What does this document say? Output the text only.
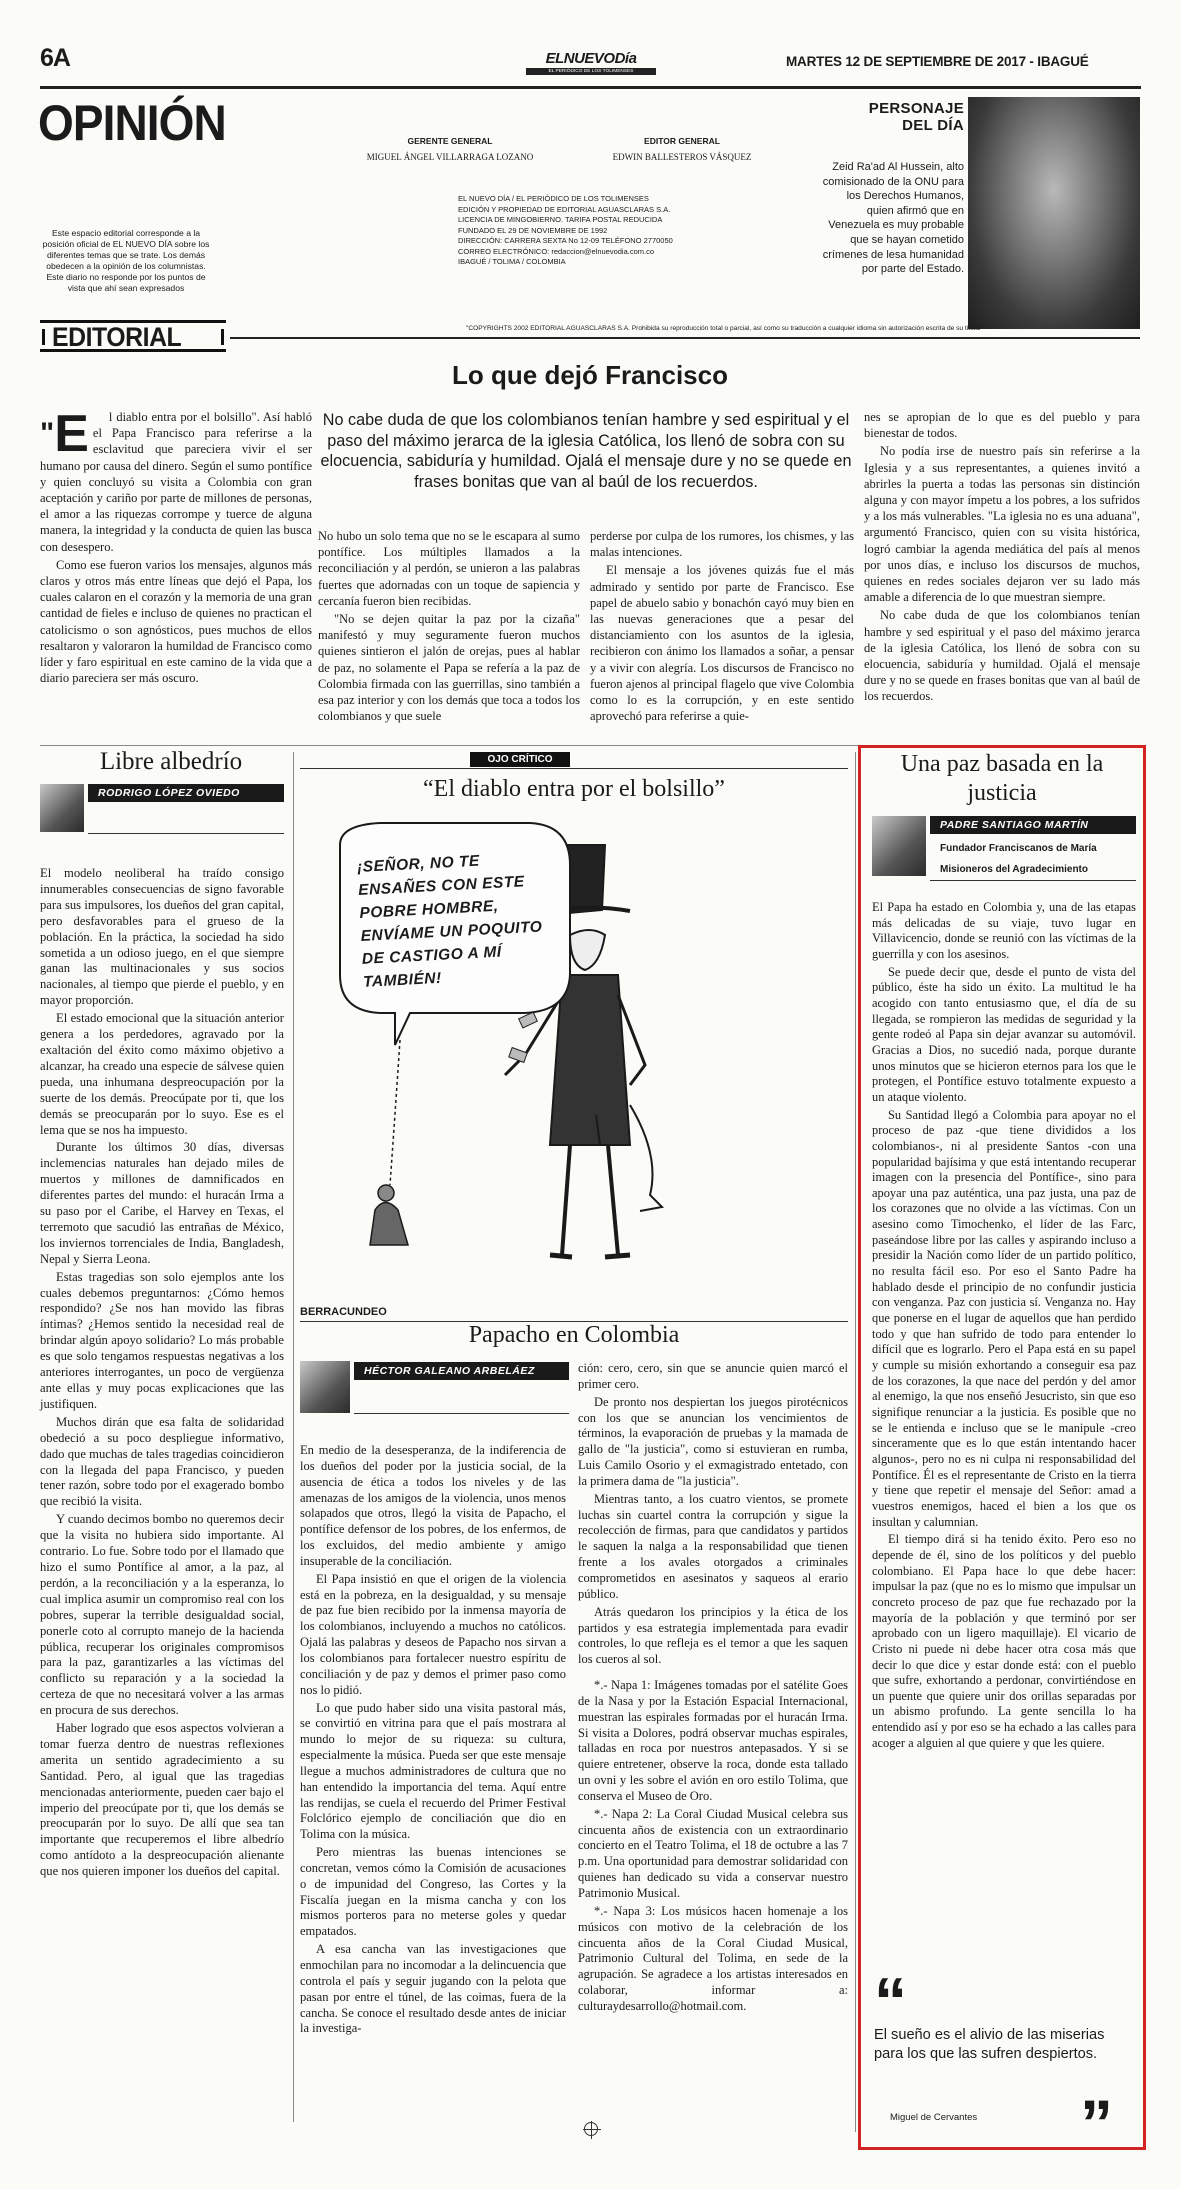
6A	ELNUEVODía
EL PERIÓDICO DE LOS TOLIMENSES
MARTES 12 DE SEPTIEMBRE DE 2017 - IBAGUÉ
OPINIÓN
Este espacio editorial corresponde a la posición oficial de EL NUEVO DÍA sobre los diferentes temas que se trate. Los demás obedecen a la opinión de los columnistas. Este diario no responde por los puntos de vista que ahí sean expresados
GERENTE GENERAL
MIGUEL ÁNGEL VILLARRAGA LOZANO
EDITOR GENERAL
EDWIN BALLESTEROS VÁSQUEZ
EL NUEVO DÍA / EL PERIÓDICO DE LOS TOLIMENSES
EDICIÓN Y PROPIEDAD DE EDITORIAL AGUASCLARAS S.A.
LICENCIA DE MINGOBIERNO. TARIFA POSTAL REDUCIDA
FUNDADO EL 29 DE NOVIEMBRE DE 1992
DIRECCIÓN: CARRERA SEXTA No 12-09 TELÉFONO 2770050
CORREO ELECTRÓNICO: redaccion@elnuevodia.com.co
IBAGUÉ / TOLIMA / COLOMBIA
PERSONAJE
DEL DÍA
Zeid Ra'ad Al Hussein, alto comisionado de la ONU para los Derechos Humanos, quien afirmó que en Venezuela es muy probable que se hayan cometido crímenes de lesa humanidad por parte del Estado.
"COPYRIGHTS 2002 EDITORIAL AGUASCLARAS S.A. Prohibida su reproducción total o parcial, así como su traducción a cualquier idioma sin autorización escrita de su titular"
EDITORIAL
Lo que dejó Francisco
"E	l diablo entra por el bolsillo". Así habló el Papa Francisco para referirse a la esclavitud que pareciera vivir el ser humano por causa del dinero. Según el sumo pontífice y quien concluyó su visita a Colombia con gran aceptación y cariño por parte de millones de personas, el amor a las riquezas corrompe y tuerce de alguna manera, la integridad y la conducta de quien las busca con desespero.

Como ese fueron varios los mensajes, algunos más claros y otros más entre líneas que dejó el Papa, los cuales calaron en el corazón y la memoria de una gran cantidad de fieles e incluso de quienes no practican el catolicismo o son agnósticos, pues muchos de ellos resaltaron y valoraron la humildad de Francisco como líder y faro espiritual en este camino de la vida que a diario pareciera ser más oscuro.

No cabe duda de que los colombianos tenían hambre y sed espiritual y el paso del máximo jerarca de la iglesia Católica, los llenó de sobra con su elocuencia, sabiduría y humildad. Ojalá el mensaje dure y no se quede en frases bonitas que van al baúl de los recuerdos.

No hubo un solo tema que no se le escapara al sumo pontífice. Los múltiples llamados a la reconciliación y al perdón, se unieron a las palabras fuertes que adornadas con un toque de sapiencia y cercanía fueron bien recibidas.

"No se dejen quitar la paz por la cizaña" manifestó y muy seguramente fueron muchos quienes sintieron el jalón de orejas, pues al hablar de paz, no solamente el Papa se refería a la paz de Colombia firmada con las guerrillas, sino también a esa paz interior y con los demás que toca a todos los colombianos y que suele

perderse por culpa de los rumores, los chismes, y las malas intenciones.

El mensaje a los jóvenes quizás fue el más admirado y sentido por parte de Francisco. Ese papel de abuelo sabio y bonachón cayó muy bien en las nuevas generaciones que a pesar del distanciamiento con los asuntos de la iglesia, recibieron con ánimo los llamados a soñar, a pensar y a vivir con alegría. Los discursos de Francisco no fueron ajenos al principal flagelo que vive Colombia como lo es la corrupción, y en este sentido aprovechó para referirse a quie-

nes se apropian de lo que es del pueblo y para bienestar de todos.

No podía irse de nuestro país sin referirse a la Iglesia y a sus representantes, a quienes invitó a abrirles la puerta a todas las personas sin distinción alguna y con mayor ímpetu a los pobres, a los sufridos y a los más vulnerables. "La iglesia no es una aduana", argumentó Francisco, quien con su visita histórica, logró cambiar la agenda mediática del país al menos por unos días, e incluso los discursos de muchos, quienes en redes sociales dejaron ver su lado más amable a diferencia de lo que muestran siempre.

No cabe duda de que los colombianos tenían hambre y sed espiritual y el paso del máximo jerarca de la iglesia Católica, los llenó de sobra con su elocuencia, sabiduría y humildad. Ojalá el mensaje dure y no se quede en frases bonitas que van al baúl de los recuerdos.

Libre albedrío
RODRIGO LÓPEZ OVIEDO

El modelo neoliberal ha traído consigo innumerables consecuencias de signo favorable para sus impulsores, los dueños del gran capital, pero desfavorables para el grueso de la población. En la práctica, la sociedad ha sido sometida a un odioso juego, en el que siempre ganan las multinacionales y sus socios nacionales, al tiempo que pierde el pueblo, y en mayor proporción.

El estado emocional que la situación anterior genera a los perdedores, agravado por la exaltación del éxito como máximo objetivo a alcanzar, ha creado una especie de sálvese quien pueda, una inhumana despreocupación por la suerte de los demás. Preocúpate por ti, que los demás se preocuparán por lo suyo. Ese es el lema que se nos ha impuesto.

Durante los últimos 30 días, diversas inclemencias naturales han dejado miles de muertos y millones de damnificados en diferentes partes del mundo: el huracán Irma a su paso por el Caribe, el Harvey en Texas, el terremoto que sacudió las entrañas de México, los inviernos torrenciales de India, Bangladesh, Nepal y Sierra Leona.

Estas tragedias son solo ejemplos ante los cuales debemos preguntarnos: ¿Cómo hemos respondido? ¿Se nos han movido las fibras íntimas? ¿Hemos sentido la necesidad real de brindar algún apoyo solidario? Lo más probable es que solo tengamos respuestas negativas a los anteriores interrogantes, un poco de vergüenza ante ellas y muy pocas explicaciones que las justifiquen.

Muchos dirán que esa falta de solidaridad obedeció a su poco despliegue informativo, dado que muchas de tales tragedias coincidieron con la llegada del papa Francisco, y pueden tener razón, sobre todo por el exagerado bombo que recibió la visita.

Y cuando decimos bombo no queremos decir que la visita no hubiera sido importante. Al contrario. Lo fue. Sobre todo por el llamado que hizo el sumo Pontífice al amor, a la paz, al perdón, a la reconciliación y a la esperanza, lo cual implica asumir un compromiso real con los pobres, superar la terrible desigualdad social, ponerle coto al corrupto manejo de la hacienda pública, recuperar los originales compromisos para la paz, garantizarles a las víctimas del conflicto su reparación y a la sociedad la certeza de que no necesitará volver a las armas en procura de sus derechos.

Haber logrado que esos aspectos volvieran a tomar fuerza dentro de nuestras reflexiones amerita un sentido agradecimiento a su Santidad. Pero, al igual que las tragedias mencionadas anteriormente, pueden caer bajo el imperio del preocúpate por ti, que los demás se preocuparán por lo suyo. De allí que sea tan importante que recuperemos el libre albedrío como antídoto a la despreocupación alienante que nos quieren imponer los dueños del capital.

OJO CRÍTICO
“El diablo entra por el bolsillo”
¡SEÑOR, NO TE ENSAÑES CON ESTE POBRE HOMBRE, ENVÍAME UN POQUITO DE CASTIGO A MÍ TAMBIÉN!
BERRACUNDEO
Papacho en Colombia
HÉCTOR GALEANO ARBELÁEZ

En medio de la desesperanza, de la indiferencia de los dueños del poder por la justicia social, de la ausencia de ética a todos los niveles y de las amenazas de los amigos de la violencia, unos menos solapados que otros, llegó la visita de Papacho, el pontífice defensor de los pobres, de los enfermos, de los excluidos, del medio ambiente y amigo insuperable de la conciliación.

El Papa insistió en que el origen de la violencia está en la pobreza, en la desigualdad, y su mensaje de paz fue bien recibido por la inmensa mayoría de los colombianos, incluyendo a muchos no católicos. Ojalá las palabras y deseos de Papacho nos sirvan a los colombianos para fortalecer nuestro espíritu de conciliación y de paz y demos el primer paso como nos lo pidió.

Lo que pudo haber sido una visita pastoral más, se convirtió en vitrina para que el país mostrara al mundo lo mejor de su riqueza: su cultura, especialmente la música. Pueda ser que este mensaje llegue a muchos administradores de cultura que no han entendido la importancia del tema. Aquí entre las rendijas, se cuela el recuerdo del Primer Festival Folclórico ejemplo de conciliación que dio en Tolima con la música.

Pero mientras las buenas intenciones se concretan, vemos cómo la Comisión de acusaciones o de impunidad del Congreso, las Cortes y la Fiscalía juegan en la misma cancha y con los mismos porteros para no meterse goles y quedar empatados.

A esa cancha van las investigaciones que enmochilan para no incomodar a la delincuencia que controla el país y seguir jugando con la pelota que pasan por entre el túnel, de las coimas, fuera de la cancha. Se conoce el resultado desde antes de iniciar la investiga-

ción: cero, cero, sin que se anuncie quien marcó el primer cero.

De pronto nos despiertan los juegos pirotécnicos con los que se anuncian los vencimientos de términos, la evaporación de pruebas y la mamada de gallo de "la justicia", como si estuvieran en rumba, Luis Camilo Osorio y el exmagistrado entetado, con la primera dama de "la justicia".

Mientras tanto, a los cuatro vientos, se promete luchas sin cuartel contra la corrupción y sigue la recolección de firmas, para que candidatos y partidos le saquen la nalga a la responsabilidad que tienen frente a los avales otorgados a criminales comprometidos en asesinatos y saqueos al erario público.

Atrás quedaron los principios y la ética de los partidos y esa estrategia implementada para evadir controles, lo que refleja es el temor a que les saquen los cueros al sol.

*.- Napa 1: Imágenes tomadas por el satélite Goes de la Nasa y por la Estación Espacial Internacional, muestran las espirales formadas por el huracán Irma. Si visita a Dolores, podrá observar muchas espirales, talladas en roca por nuestros antepasados. Y si se quiere entretener, observe la roca, donde esta tallado un ovni y les sobre el avión en oro estilo Tolima, que conserva el Museo de Oro.

*.- Napa 2: La Coral Ciudad Musical celebra sus cincuenta años de existencia con un extraordinario concierto en el Teatro Tolima, el 18 de octubre a las 7 p.m. Una oportunidad para demostrar solidaridad con quienes han dedicado su vida a conservar nuestro Patrimonio Musical.

*.- Napa 3: Los músicos hacen homenaje a los músicos con motivo de la celebración de los cincuenta años de la Coral Ciudad Musical, Patrimonio Cultural del Tolima, en sede de la agrupación. Se agradece a los artistas interesados en colaborar, informar a: culturaydesarrollo@hotmail.com.

Una paz basada en la justicia
PADRE SANTIAGO MARTÍN
Fundador Franciscanos de María
Misioneros del Agradecimiento

El Papa ha estado en Colombia y, una de las etapas más delicadas de su viaje, tuvo lugar en Villavicencio, donde se reunió con las víctimas de la guerrilla y con los asesinos.

Se puede decir que, desde el punto de vista del público, éste ha sido un éxito. La multitud le ha acogido con tanto entusiasmo que, el día de su llegada, se rompieron las medidas de seguridad y la gente rodeó al Papa sin dejar avanzar su automóvil. Gracias a Dios, no sucedió nada, porque durante unos minutos que se hicieron eternos para los que le protegen, el Pontífice estuvo totalmente expuesto a un ataque violento.

Su Santidad llegó a Colombia para apoyar no el proceso de paz -que tiene divididos a los colombianos-, ni al presidente Santos -con una popularidad bajísima y que está intentando recuperar imagen con la presencia del Pontífice-, sino para apoyar una paz auténtica, una paz justa, una paz de los corazones que no olvide a las víctimas. Con un asesino como Timochenko, el líder de las Farc, paseándose libre por las calles y aspirando incluso a presidir la Nación como líder de un partido político, no resulta fácil eso. Por eso el Santo Padre ha hablado desde el principio de no confundir justicia con venganza. Paz con justicia sí. Venganza no. Hay que ponerse en el lugar de aquellos que han perdido todo y que han sufrido de todo para entender lo difícil que es lograrlo. Pero el Papa está en su papel y cumple su misión exhortando a conseguir esa paz de los corazones, la que nace del perdón y del amor al enemigo, la que nos enseñó Jesucristo, sin que eso signifique renunciar a la justicia. Es posible que no se le entienda e incluso que se le manipule -creo sinceramente que es lo que están intentando hacer algunos-, pero no es ni culpa ni responsabilidad del Pontífice. Él es el representante de Cristo en la tierra y tiene que repetir el mensaje del Señor: amad a vuestros enemigos, haced el bien a los que os insultan y calumnian.

El tiempo dirá si ha tenido éxito. Pero eso no depende de él, sino de los políticos y del pueblo colombiano. El Papa hace lo que debe hacer: impulsar la paz (que no es lo mismo que impulsar un concreto proceso de paz que fue rechazado por la mayoría de la población y que terminó por ser aprobado con un ligero maquillaje). El vicario de Cristo ni puede ni debe hacer otra cosa más que decir lo que dice y estar donde está: con el pueblo que sufre, exhortando a perdonar, convirtiéndose en un puente que quiere unir dos orillas separadas por un abismo profundo. La gente sencilla lo ha entendido así y por eso se ha echado a las calles para acoger a alguien al que quiere y que les quiere.

“
El sueño es el alivio de las miserias para los que las sufren despiertos.
Miguel de Cervantes ”
